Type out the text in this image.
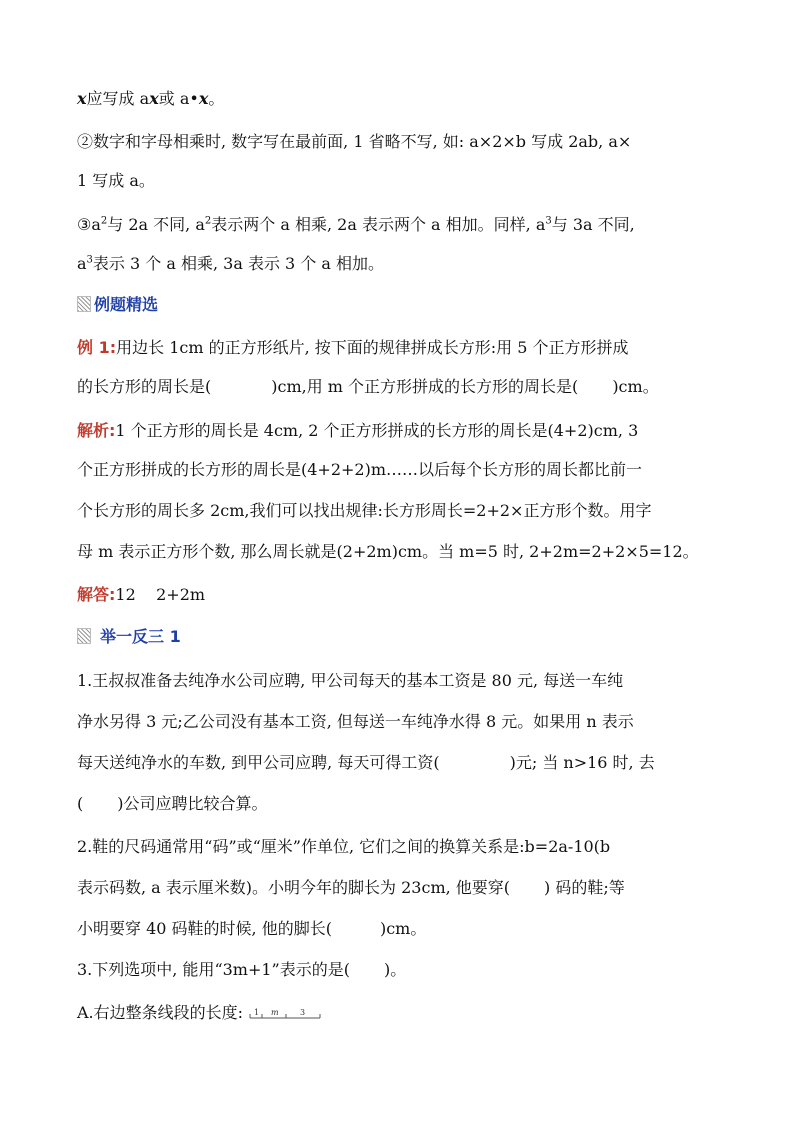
x应写成 ax或 a•x。
②数字和字母相乘时, 数字写在最前面, 1 省略不写, 如: a×2×b 写成 2ab, a×
1 写成 a。
$③a^2$与 2a 不同, $a^2$表示两个 a 相乘, 2a 表示两个 a 相加。同样, $a^3$与 3a 不同,
$a^3$表示 3 个 a 相乘, 3a 表示 3 个 a 相加。
例题精选
例 1:用边长 1cm 的正方形纸片, 按下面的规律拼成长方形:用 5 个正方形拼成
的长方形的周长是(	)cm,用 m 个正方形拼成的长方形的周长是( )cm。
解析:1 个正方形的周长是 4cm, 2 个正方形拼成的长方形的周长是(4+2)cm, 3
个正方形拼成的长方形的周长是(4+2+2)m……以后每个长方形的周长都比前一
个长方形的周长多 2cm,我们可以找出规律:长方形周长=2+2×正方形个数。用字
母 m 表示正方形个数, 那么周长就是(2+2m)cm。当 m=5 时, 2+2m=2+2×5=12。
解答:12    2+2m
举一反三 1
1.王叔叔准备去纯净水公司应聘, 甲公司每天的基本工资是 80 元, 每送一车纯
净水另得 3 元;乙公司没有基本工资, 但每送一车纯净水得 8 元。如果用 n 表示
每天送纯净水的车数, 到甲公司应聘, 每天可得工资(	)元; 当 n>16 时, 去
( )公司应聘比较合算。
2.鞋的尺码通常用“码”或“厘米”作单位, 它们之间的换算关系是:b=2a-10(b
表示码数, a 表示厘米数)。小明今年的脚长为 23cm, 他要穿( ) 码的鞋;等
小明要穿 40 码鞋的时候, 他的脚长(	)cm。
3.下列选项中, 能用“3m+1”表示的是( )。
A.右边整条线段的长度: 1 m	3
